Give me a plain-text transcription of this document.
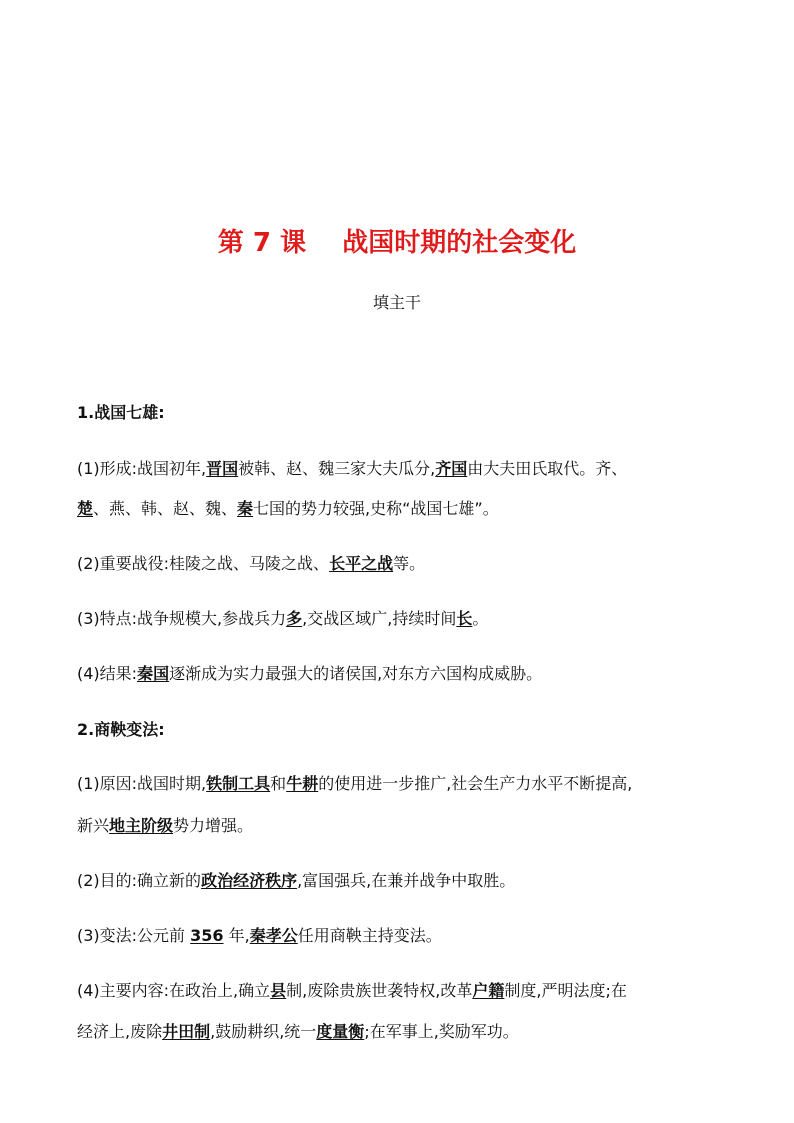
第 7 课    战国时期的社会变化
填主干
1.战国七雄:
(1)形成:战国初年,晋国被韩、赵、魏三家大夫瓜分,齐国由大夫田氏取代。齐、
楚、燕、韩、赵、魏、秦七国的势力较强,史称“战国七雄”。
(2)重要战役:桂陵之战、马陵之战、长平之战等。
(3)特点:战争规模大,参战兵力多,交战区域广,持续时间长。
(4)结果:秦国逐渐成为实力最强大的诸侯国,对东方六国构成威胁。
2.商鞅变法:
(1)原因:战国时期,铁制工具和牛耕的使用进一步推广,社会生产力水平不断提高,
新兴地主阶级势力增强。
(2)目的:确立新的政治经济秩序,富国强兵,在兼并战争中取胜。
(3)变法:公元前 356 年,秦孝公任用商鞅主持变法。
(4)主要内容:在政治上,确立县制,废除贵族世袭特权,改革户籍制度,严明法度;在
经济上,废除井田制,鼓励耕织,统一度量衡;在军事上,奖励军功。
